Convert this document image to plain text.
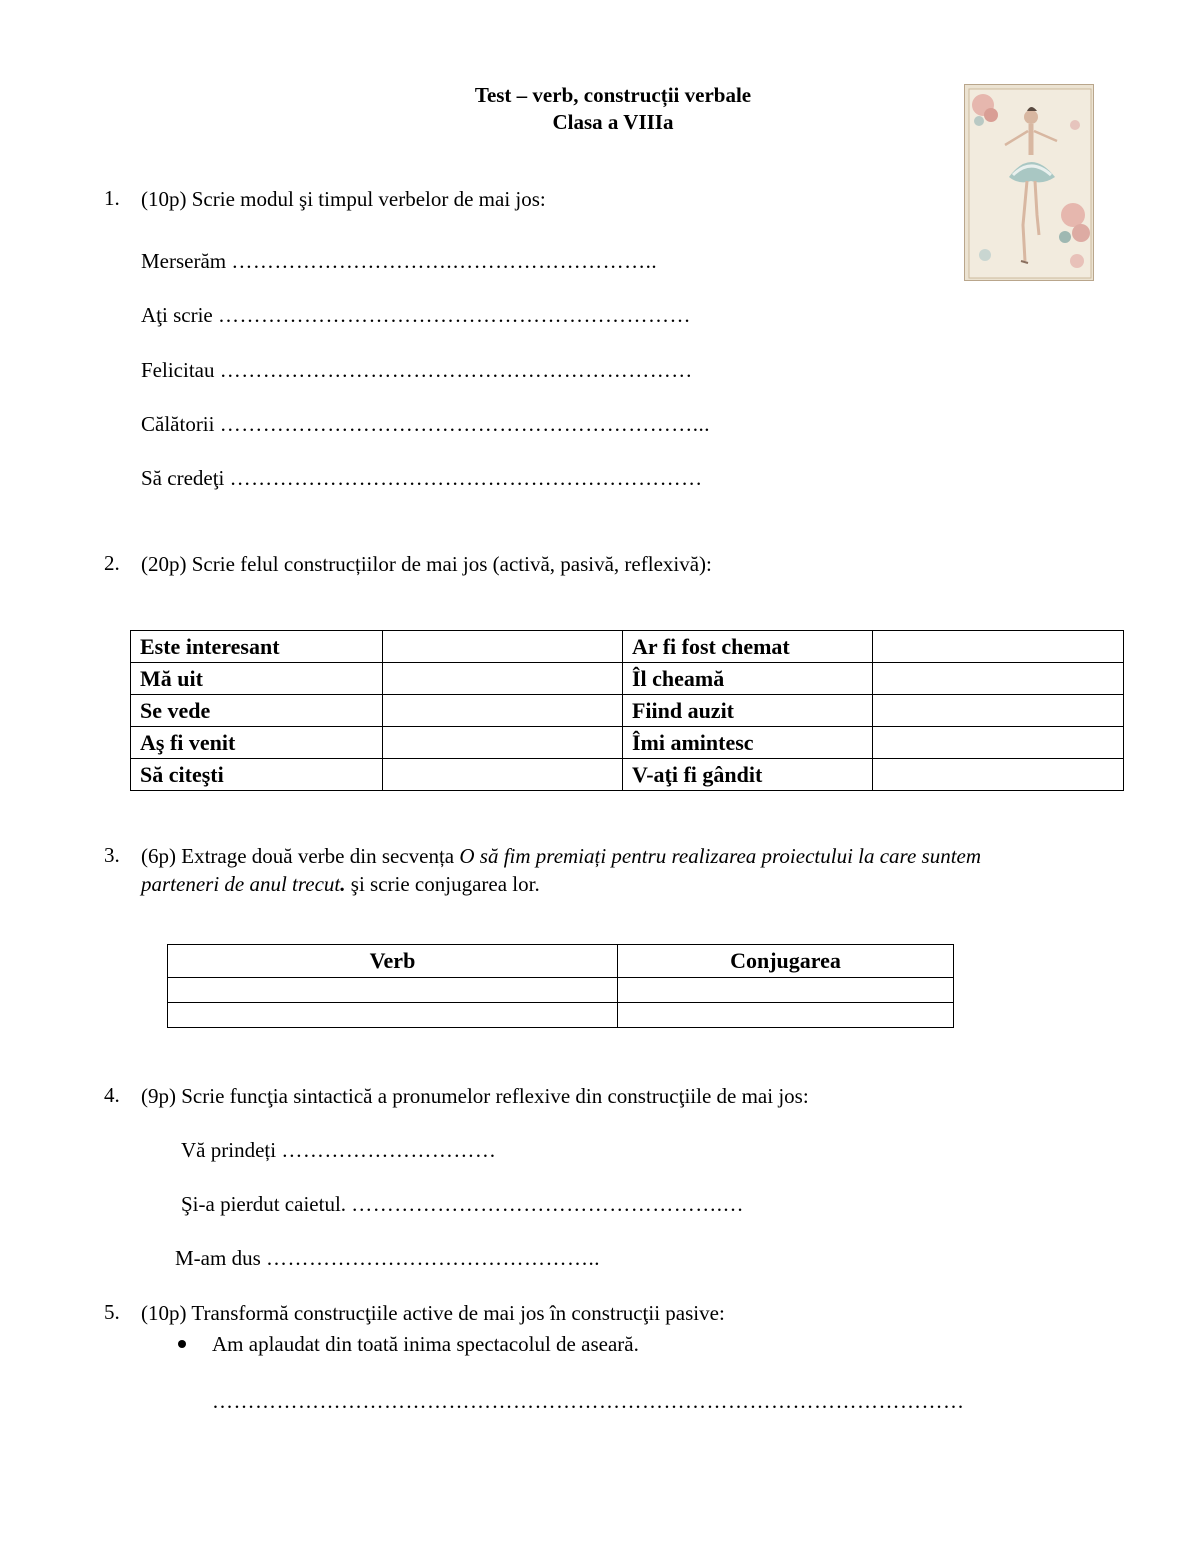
Test – verb, construcții verbale
Clasa a VIIIa
1. (10p) Scrie modul şi timpul verbelor de mai jos:
Merserăm ………………………….………………………..
Aţi scrie …………………………………………………………
Felicitau …………………………………………………………
Călătorii …………………………………………………………...
Să credeţi …………………………………………………………
2. (20p) Scrie felul construcțiilor de mai jos (activă, pasivă, reflexivă):
Este interesant		Ar fi fost chemat	
Mă uit		Îl cheamă	
Se vede		Fiind auzit	
Aş fi venit		Îmi amintesc	
Să citeşti		V-aţi fi gândit	
3. (6p) Extrage două verbe din secvența O să fim premiați pentru realizarea proiectului la care suntem
parteneri de anul trecut. şi scrie conjugarea lor.
Verb	Conjugarea

4. (9p) Scrie funcţia sintactică a pronumelor reflexive din construcţiile de mai jos:
Vă prindeți …………………………
Şi-a pierdut caietul. …………………………………………….…
M-am dus ………………………………………..
5. (10p) Transformă construcţiile active de mai jos în construcţii pasive:
Am aplaudat din toată inima spectacolul de aseară.
……………………………………………………………………………………………
